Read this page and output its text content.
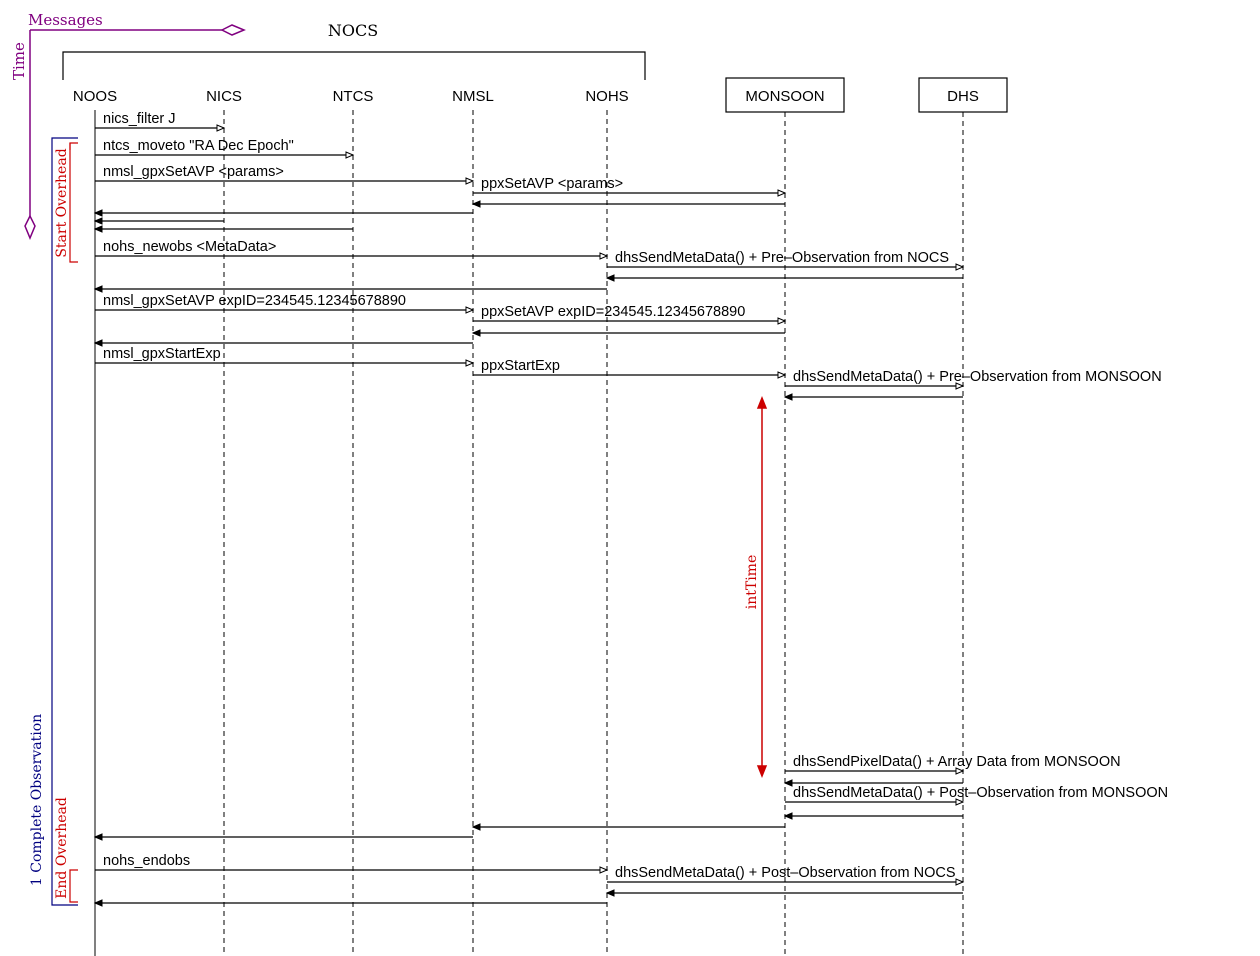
Messages
Time
NOCS
NOOS	NICS	NTCS	NMSL	NOHS	MONSOON	DHS
Start Overhead
End Overhead
1 Complete Observation
intTime
nics_filter J
ntcs_moveto "RA Dec Epoch"
nmsl_gpxSetAVP <params>
ppxSetAVP <params>
nohs_newobs <MetaData>
dhsSendMetaData() + Pre–Observation from NOCS
nmsl_gpxSetAVP expID=234545.12345678890
ppxSetAVP expID=234545.12345678890
nmsl_gpxStartExp
ppxStartExp
dhsSendMetaData() + Pre–Observation from MONSOON
dhsSendPixelData() + Array Data from MONSOON
dhsSendMetaData() + Post–Observation from MONSOON
nohs_endobs
dhsSendMetaData() + Post–Observation from NOCS
